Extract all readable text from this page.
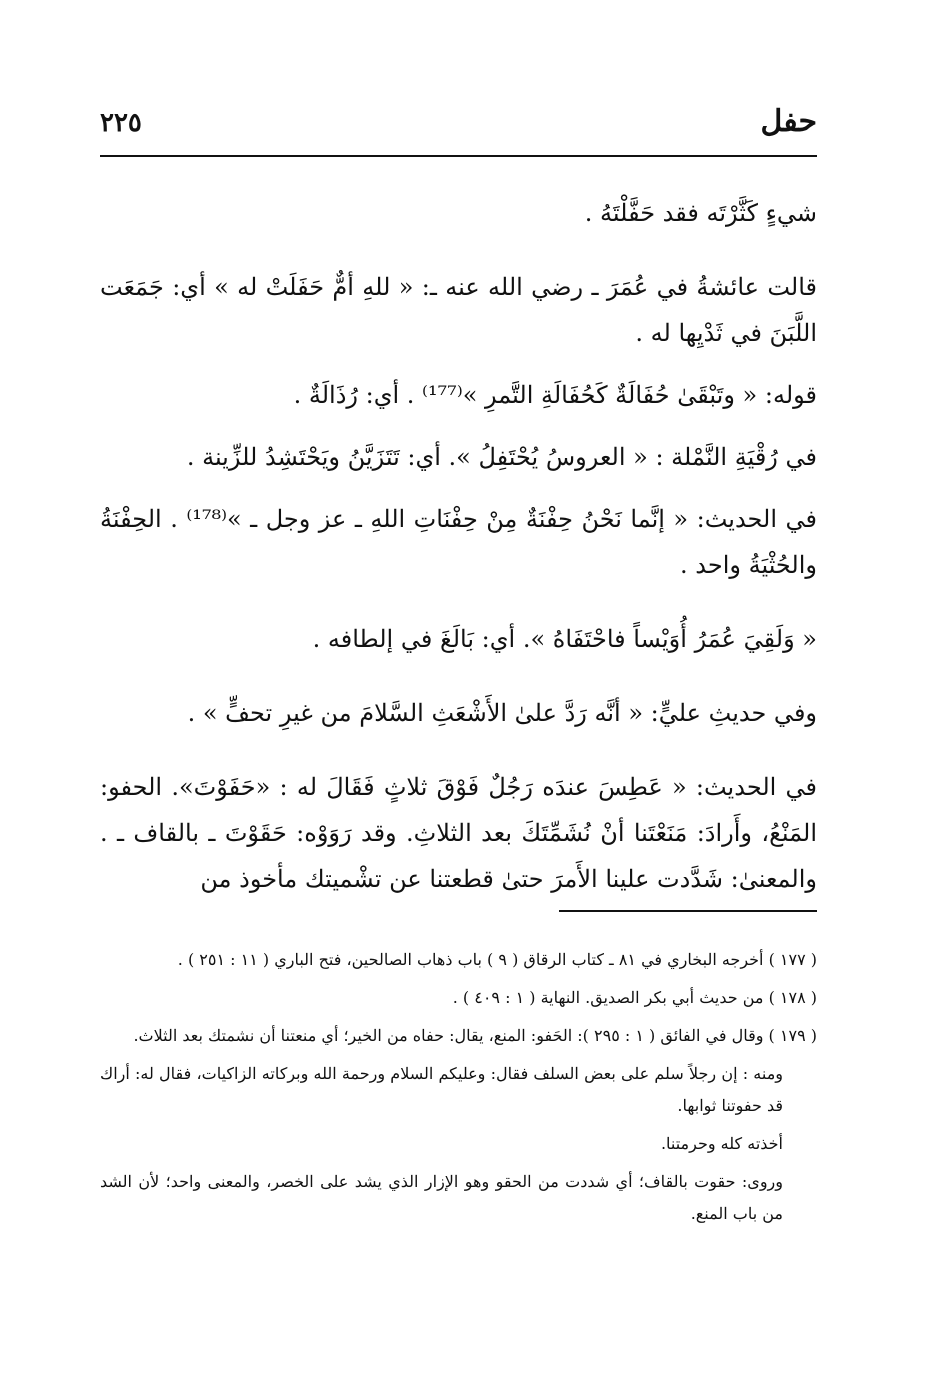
حفل
٢٢٥

شيءٍ كَثَّرْتَه فقد حَفَّلْتَهُ .

قالت عائشةُ في عُمَرَ ـ رضي الله عنه ـ: « للهِ أمٌّ حَفَلَتْ له » أي: جَمَعَت اللَّبَنَ في ثَدْيِها له .

قوله: « وتَبْقَىٰ حُفَالَةٌ كَحُفَالَةِ التَّمرِ »⁽¹⁷⁷⁾ . أي: رُذَالَةٌ .

في رُقْيَةِ النَّمْلة : « العروسُ يُحْتَفِلُ ». أي: تَتَزَيَّنُ ويَحْتَشِدُ للزِّينة .

في الحديث: « إنَّما نَحْنُ حِفْنَةٌ مِنْ حِفْنَاتِ اللهِ ـ عز وجل ـ »⁽¹⁷⁸⁾ . الحِفْنَةُ والحُثْيَةُ واحد .

« وَلَقِيَ عُمَرُ أُوَيْساً فاحْتَفَاهُ ». أي: بَالَغَ في إلطافه .

وفي حديثِ عليٍّ: « أنَّه رَدَّ علىٰ الأَشْعَثِ السَّلامَ من غيرِ تحفٍّ » .

في الحديث: « عَطِسَ عندَه رَجُلٌ فَوْقَ ثلاثٍ فَقَالَ له : «حَفَوْتَ». الحفو: المَنْعُ، وأَرادَ: مَنَعْتَنا أنْ نُشَمِّتَكَ بعد الثلاثِ. وقد رَوَوْه: حَقَوْتَ ـ بالقاف ـ . والمعنىٰ: شَدَّدت علينا الأَمرَ حتىٰ قطعتنا عن تشْميتك مأخوذ من

( ١٧٧ ) أخرجه البخاري في ٨١ ـ كتاب الرقاق ( ٩ ) باب ذهاب الصالحين، فتح الباري ( ١١ : ٢٥١ ) .

( ١٧٨ ) من حديث أبي بكر الصديق. النهاية ( ١ : ٤٠٩ ) .

( ١٧٩ ) وقال في الفائق ( ١ : ٢٩٥ ): الحَفو: المنع، يقال: حفاه من الخير؛ أي منعتنا أن نشمتك بعد الثلاث.

ومنه : إن رجلاً سلم على بعض السلف فقال: وعليكم السلام ورحمة الله وبركاته الزاكيات، فقال له: أراك قد حفوتنا ثوابها.

أخذته كله وحرمتنا.

وروى: حقوت بالقاف؛ أي شددت من الحقو وهو الإزار الذي يشد على الخصر، والمعنى واحد؛ لأن الشد من باب المنع.
